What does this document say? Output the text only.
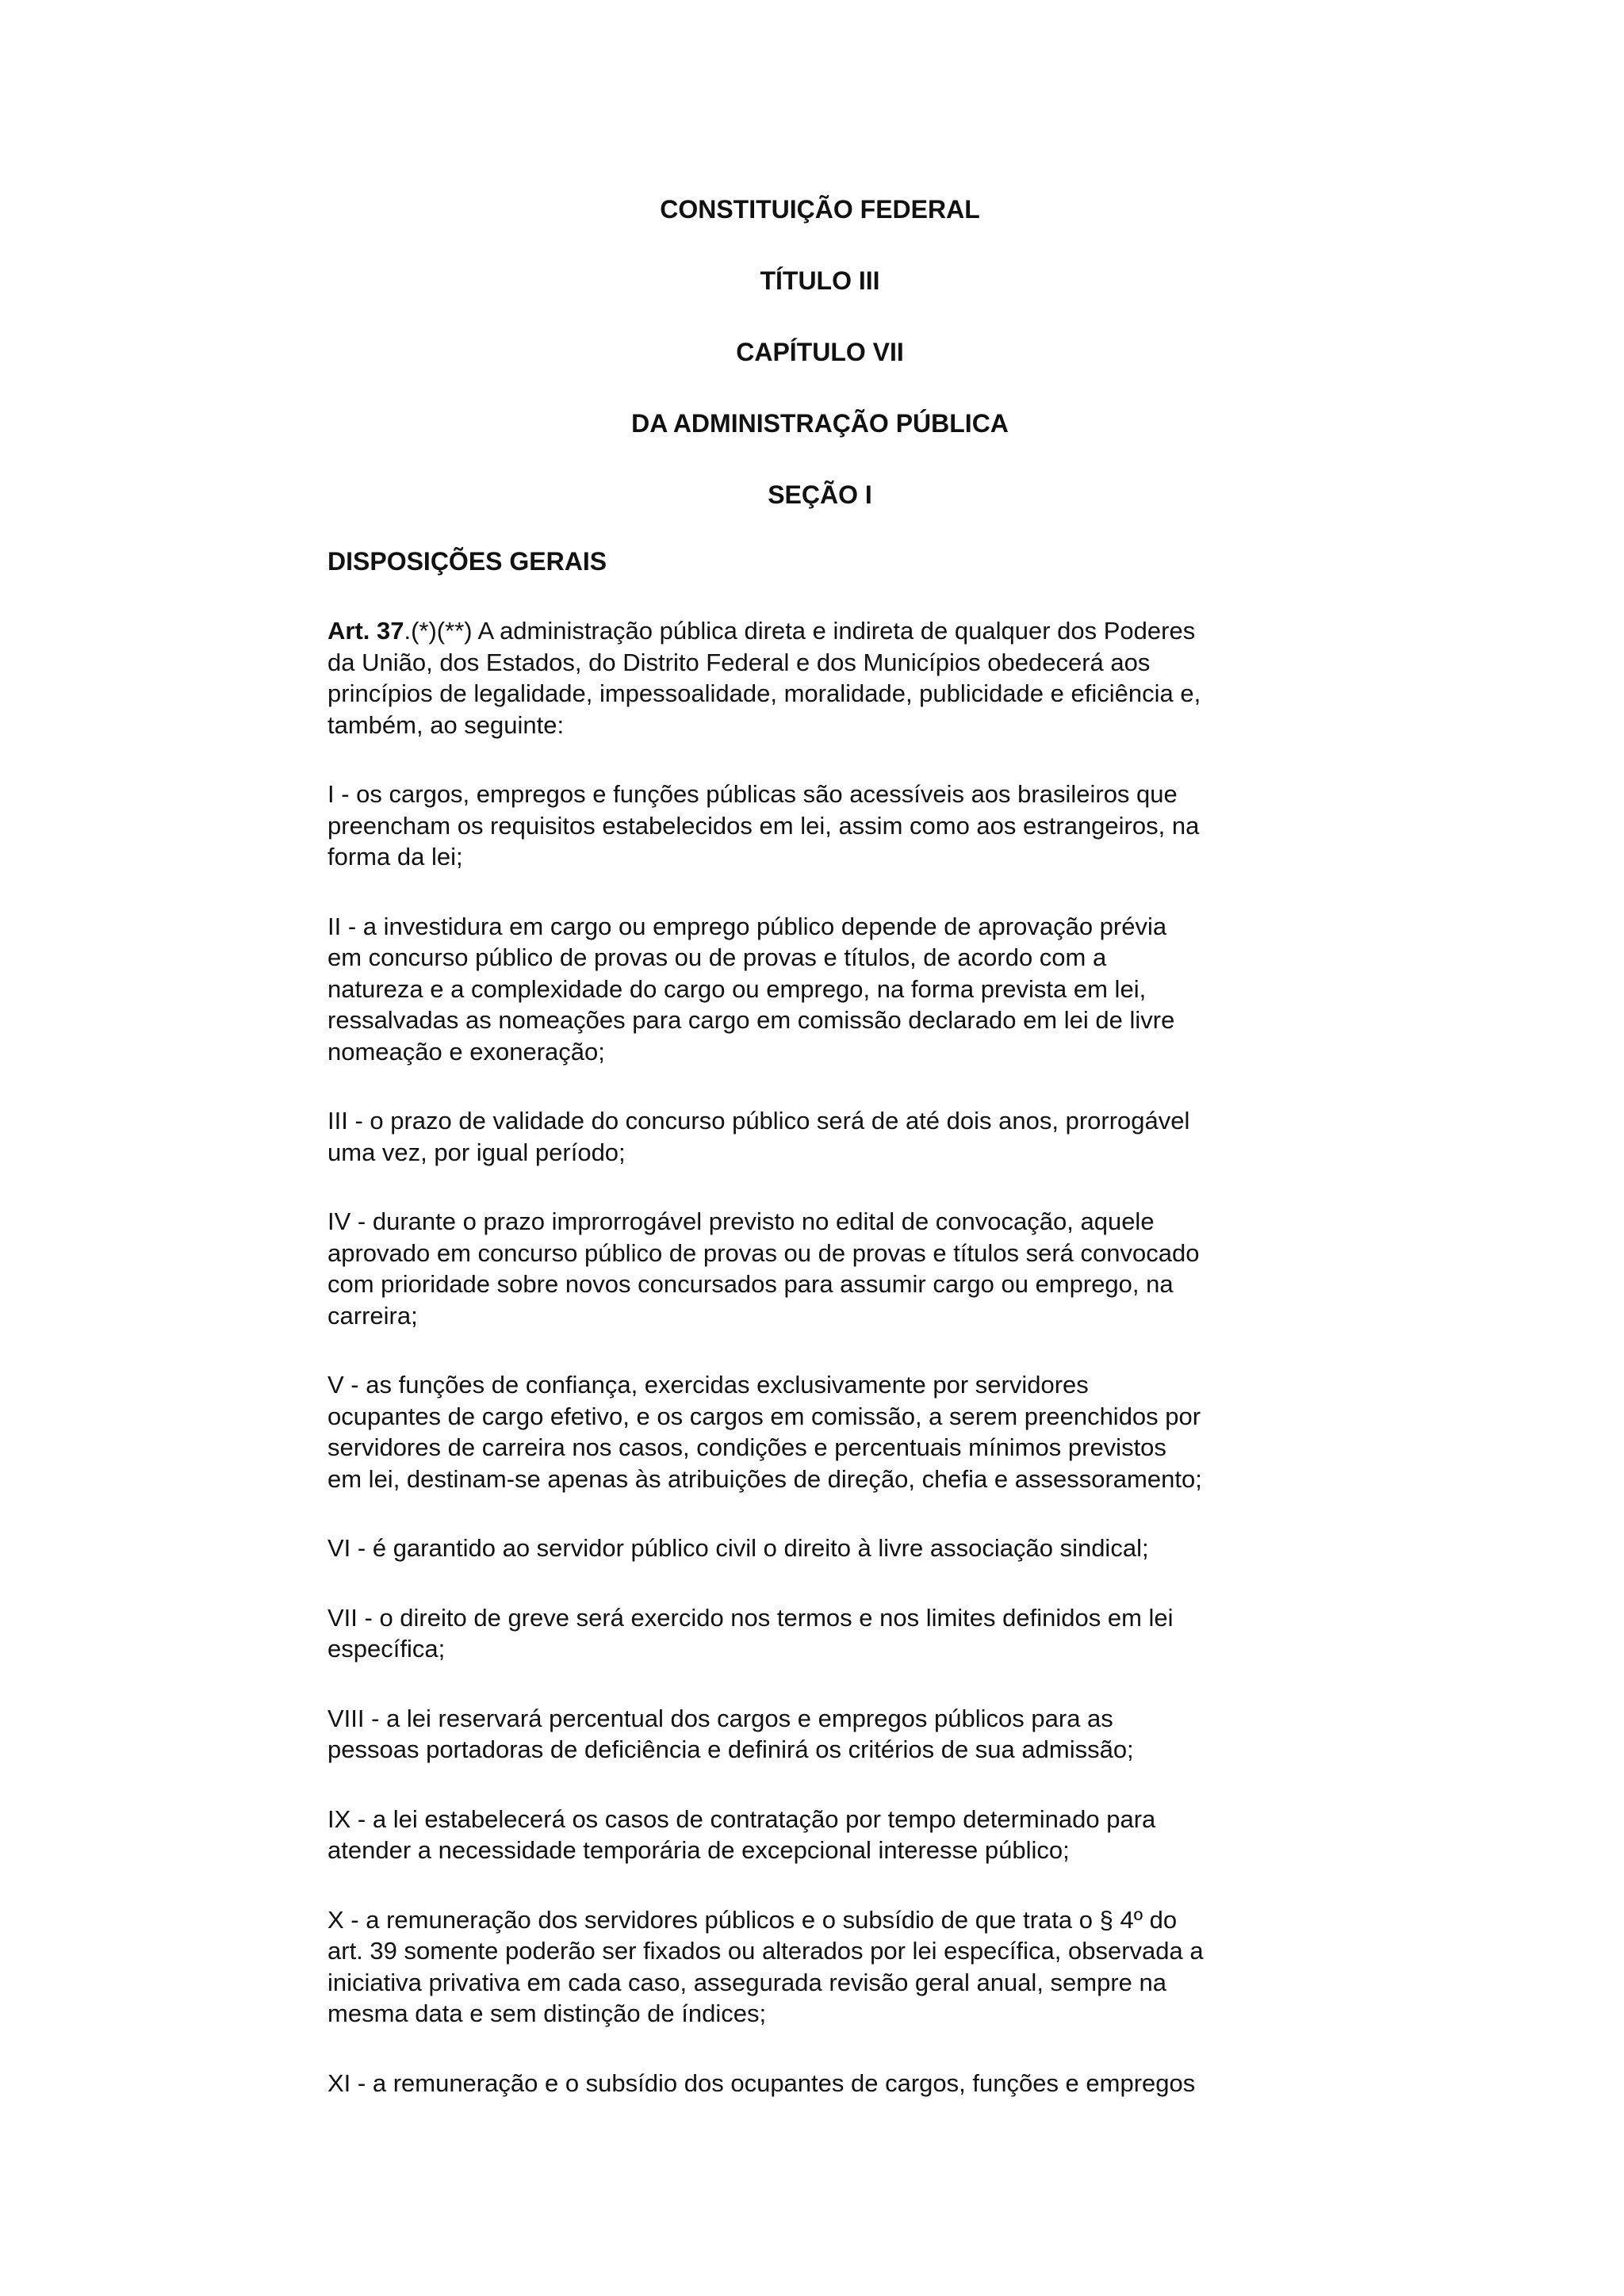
CONSTITUIÇÃO FEDERAL
TÍTULO III
CAPÍTULO VII
DA ADMINISTRAÇÃO PÚBLICA
SEÇÃO I
DISPOSIÇÕES GERAIS

Art. 37.(*)(**) A administração pública direta e indireta de qualquer dos Poderes
da União, dos Estados, do Distrito Federal e dos Municípios obedecerá aos
princípios de legalidade, impessoalidade, moralidade, publicidade e eficiência e,
também, ao seguinte:

I - os cargos, empregos e funções públicas são acessíveis aos brasileiros que
preencham os requisitos estabelecidos em lei, assim como aos estrangeiros, na
forma da lei;

II - a investidura em cargo ou emprego público depende de aprovação prévia
em concurso público de provas ou de provas e títulos, de acordo com a
natureza e a complexidade do cargo ou emprego, na forma prevista em lei,
ressalvadas as nomeações para cargo em comissão declarado em lei de livre
nomeação e exoneração;

III - o prazo de validade do concurso público será de até dois anos, prorrogável
uma vez, por igual período;

IV - durante o prazo improrrogável previsto no edital de convocação, aquele
aprovado em concurso público de provas ou de provas e títulos será convocado
com prioridade sobre novos concursados para assumir cargo ou emprego, na
carreira;

V - as funções de confiança, exercidas exclusivamente por servidores
ocupantes de cargo efetivo, e os cargos em comissão, a serem preenchidos por
servidores de carreira nos casos, condições e percentuais mínimos previstos
em lei, destinam-se apenas às atribuições de direção, chefia e assessoramento;

VI - é garantido ao servidor público civil o direito à livre associação sindical;

VII - o direito de greve será exercido nos termos e nos limites definidos em lei
específica;

VIII - a lei reservará percentual dos cargos e empregos públicos para as
pessoas portadoras de deficiência e definirá os critérios de sua admissão;

IX - a lei estabelecerá os casos de contratação por tempo determinado para
atender a necessidade temporária de excepcional interesse público;

X - a remuneração dos servidores públicos e o subsídio de que trata o § 4º do
art. 39 somente poderão ser fixados ou alterados por lei específica, observada a
iniciativa privativa em cada caso, assegurada revisão geral anual, sempre na
mesma data e sem distinção de índices;

XI - a remuneração e o subsídio dos ocupantes de cargos, funções e empregos
